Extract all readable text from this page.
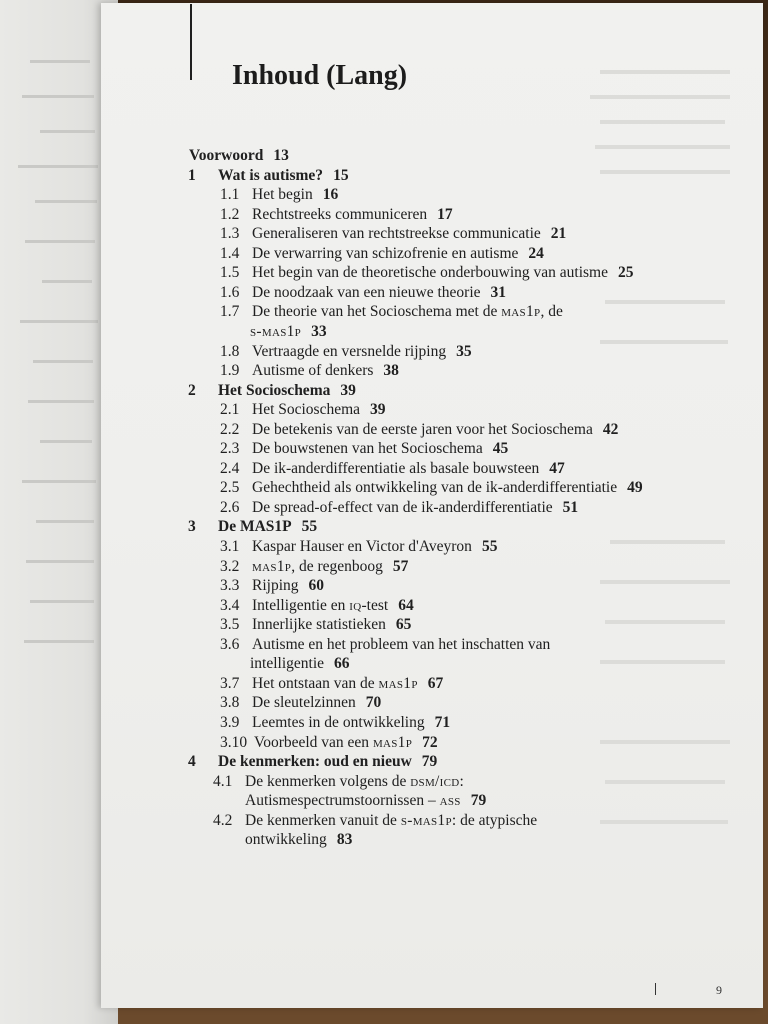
Inhoud (Lang)
Voorwoord 13
1 Wat is autisme? 15
1.1 Het begin 16
1.2 Rechtstreeks communiceren 17
1.3 Generaliseren van rechtstreekse communicatie 21
1.4 De verwarring van schizofrenie en autisme 24
1.5 Het begin van de theoretische onderbouwing van autisme 25
1.6 De noodzaak van een nieuwe theorie 31
1.7 De theorie van het Socioschema met de mas1p, de
s-mas1p 33
1.8 Vertraagde en versnelde rijping 35
1.9 Autisme of denkers 38
2 Het Socioschema 39
2.1 Het Socioschema 39
2.2 De betekenis van de eerste jaren voor het Socioschema 42
2.3 De bouwstenen van het Socioschema 45
2.4 De ik-anderdifferentiatie als basale bouwsteen 47
2.5 Gehechtheid als ontwikkeling van de ik-anderdifferentiatie 49
2.6 De spread-of-effect van de ik-anderdifferentiatie 51
3 De MAS1P 55
3.1 Kaspar Hauser en Victor d'Aveyron 55
3.2 mas1p, de regenboog 57
3.3 Rijping 60
3.4 Intelligentie en iq-test 64
3.5 Innerlijke statistieken 65
3.6 Autisme en het probleem van het inschatten van
intelligentie 66
3.7 Het ontstaan van de mas1p 67
3.8 De sleutelzinnen 70
3.9 Leemtes in de ontwikkeling 71
3.10 Voorbeeld van een mas1p 72
4 De kenmerken: oud en nieuw 79
4.1 De kenmerken volgens de dsm/icd:
Autismespectrumstoornissen – ass 79
4.2 De kenmerken vanuit de s-mas1p: de atypische
ontwikkeling 83
9
